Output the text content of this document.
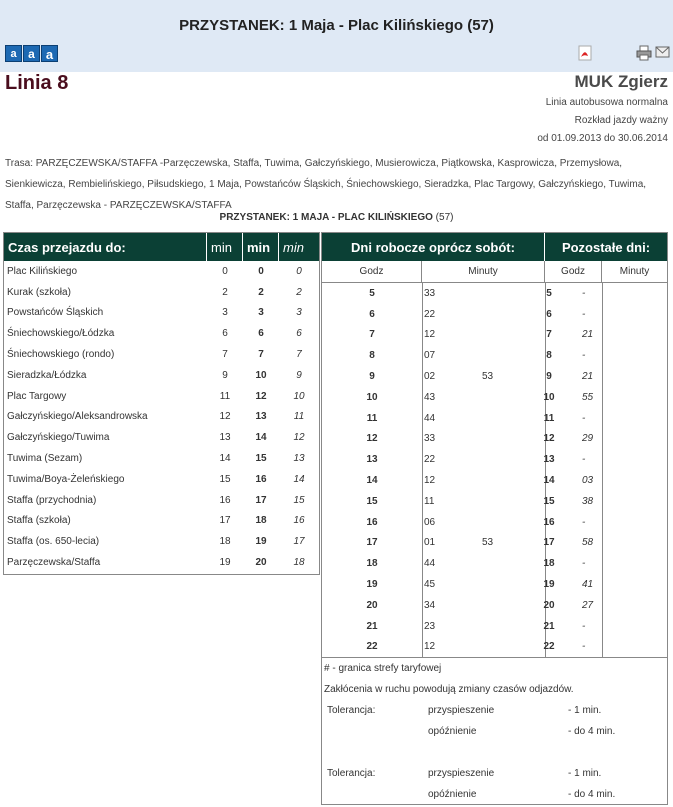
PRZYSTANEK: 1 Maja - Plac Kilińskiego (57)
a a a
Linia 8	MUK Zgierz
Linia autobusowa normalna
Rozkład jazdy ważny
od 01.09.2013 do 30.06.2014
Trasa: PARZĘCZEWSKA/STAFFA -Parzęczewska, Staffa, Tuwima, Gałczyńskiego, Musierowicza, Piątkowska, Kasprowicza, Przemysłowa, Sienkiewicza, Rembielińskiego, Piłsudskiego, 1 Maja, Powstańców Śląskich, Śniechowskiego, Sieradzka, Plac Targowy, Gałczyńskiego, Tuwima, Staffa, Parzęczewska - PARZĘCZEWSKA/STAFFA
PRZYSTANEK: 1 MAJA - PLAC KILIŃSKIEGO (57)
Czas przejazdu do:	min	min min
Plac Kilińskiego	0	0	0
Kurak (szkoła)	2	2	2
Powstańców Śląskich	3	3	3
Śniechowskiego/Łódzka	6	6	6
Śniechowskiego (rondo)	7	7	7
Sieradzka/Łódzka	9	10	9
Plac Targowy	11	12	10
Gałczyńskiego/Aleksandrowska	12	13	11
Gałczyńskiego/Tuwima	13	14	12
Tuwima (Sezam)	14	15	13
Tuwima/Boya-Żeleńskiego	15	16	14
Staffa (przychodnia)	16	17	15
Staffa (szkoła)	17	18	16
Staffa (os. 650-lecia)	18	19	17
Parzęczewska/Staffa	19	20	18
Dni robocze oprócz sobót:	Pozostałe dni:
Godz	Minuty	Godz	Minuty
5	33	5	-
6	22	6	-
7	12	7	21
8	07	8	-
9	02	53	9	21
10	43	10	55
11	44	11	-
12	33	12	29
13	22	13	-
14	12	14	03
15	11	15	38
16	06	16	-
17	01	53	17	58
18	44	18	-
19	45	19	41
20	34	20	27
21	23	21	-
22	12	22	-
# - granica strefy taryfowej
Zakłócenia w ruchu powodują zmiany czasów odjazdów.
Tolerancja:	przyspieszenie	- 1 min.
opóźnienie	- do 4 min.
Tolerancja:	przyspieszenie	- 1 min.
opóźnienie	- do 4 min.
